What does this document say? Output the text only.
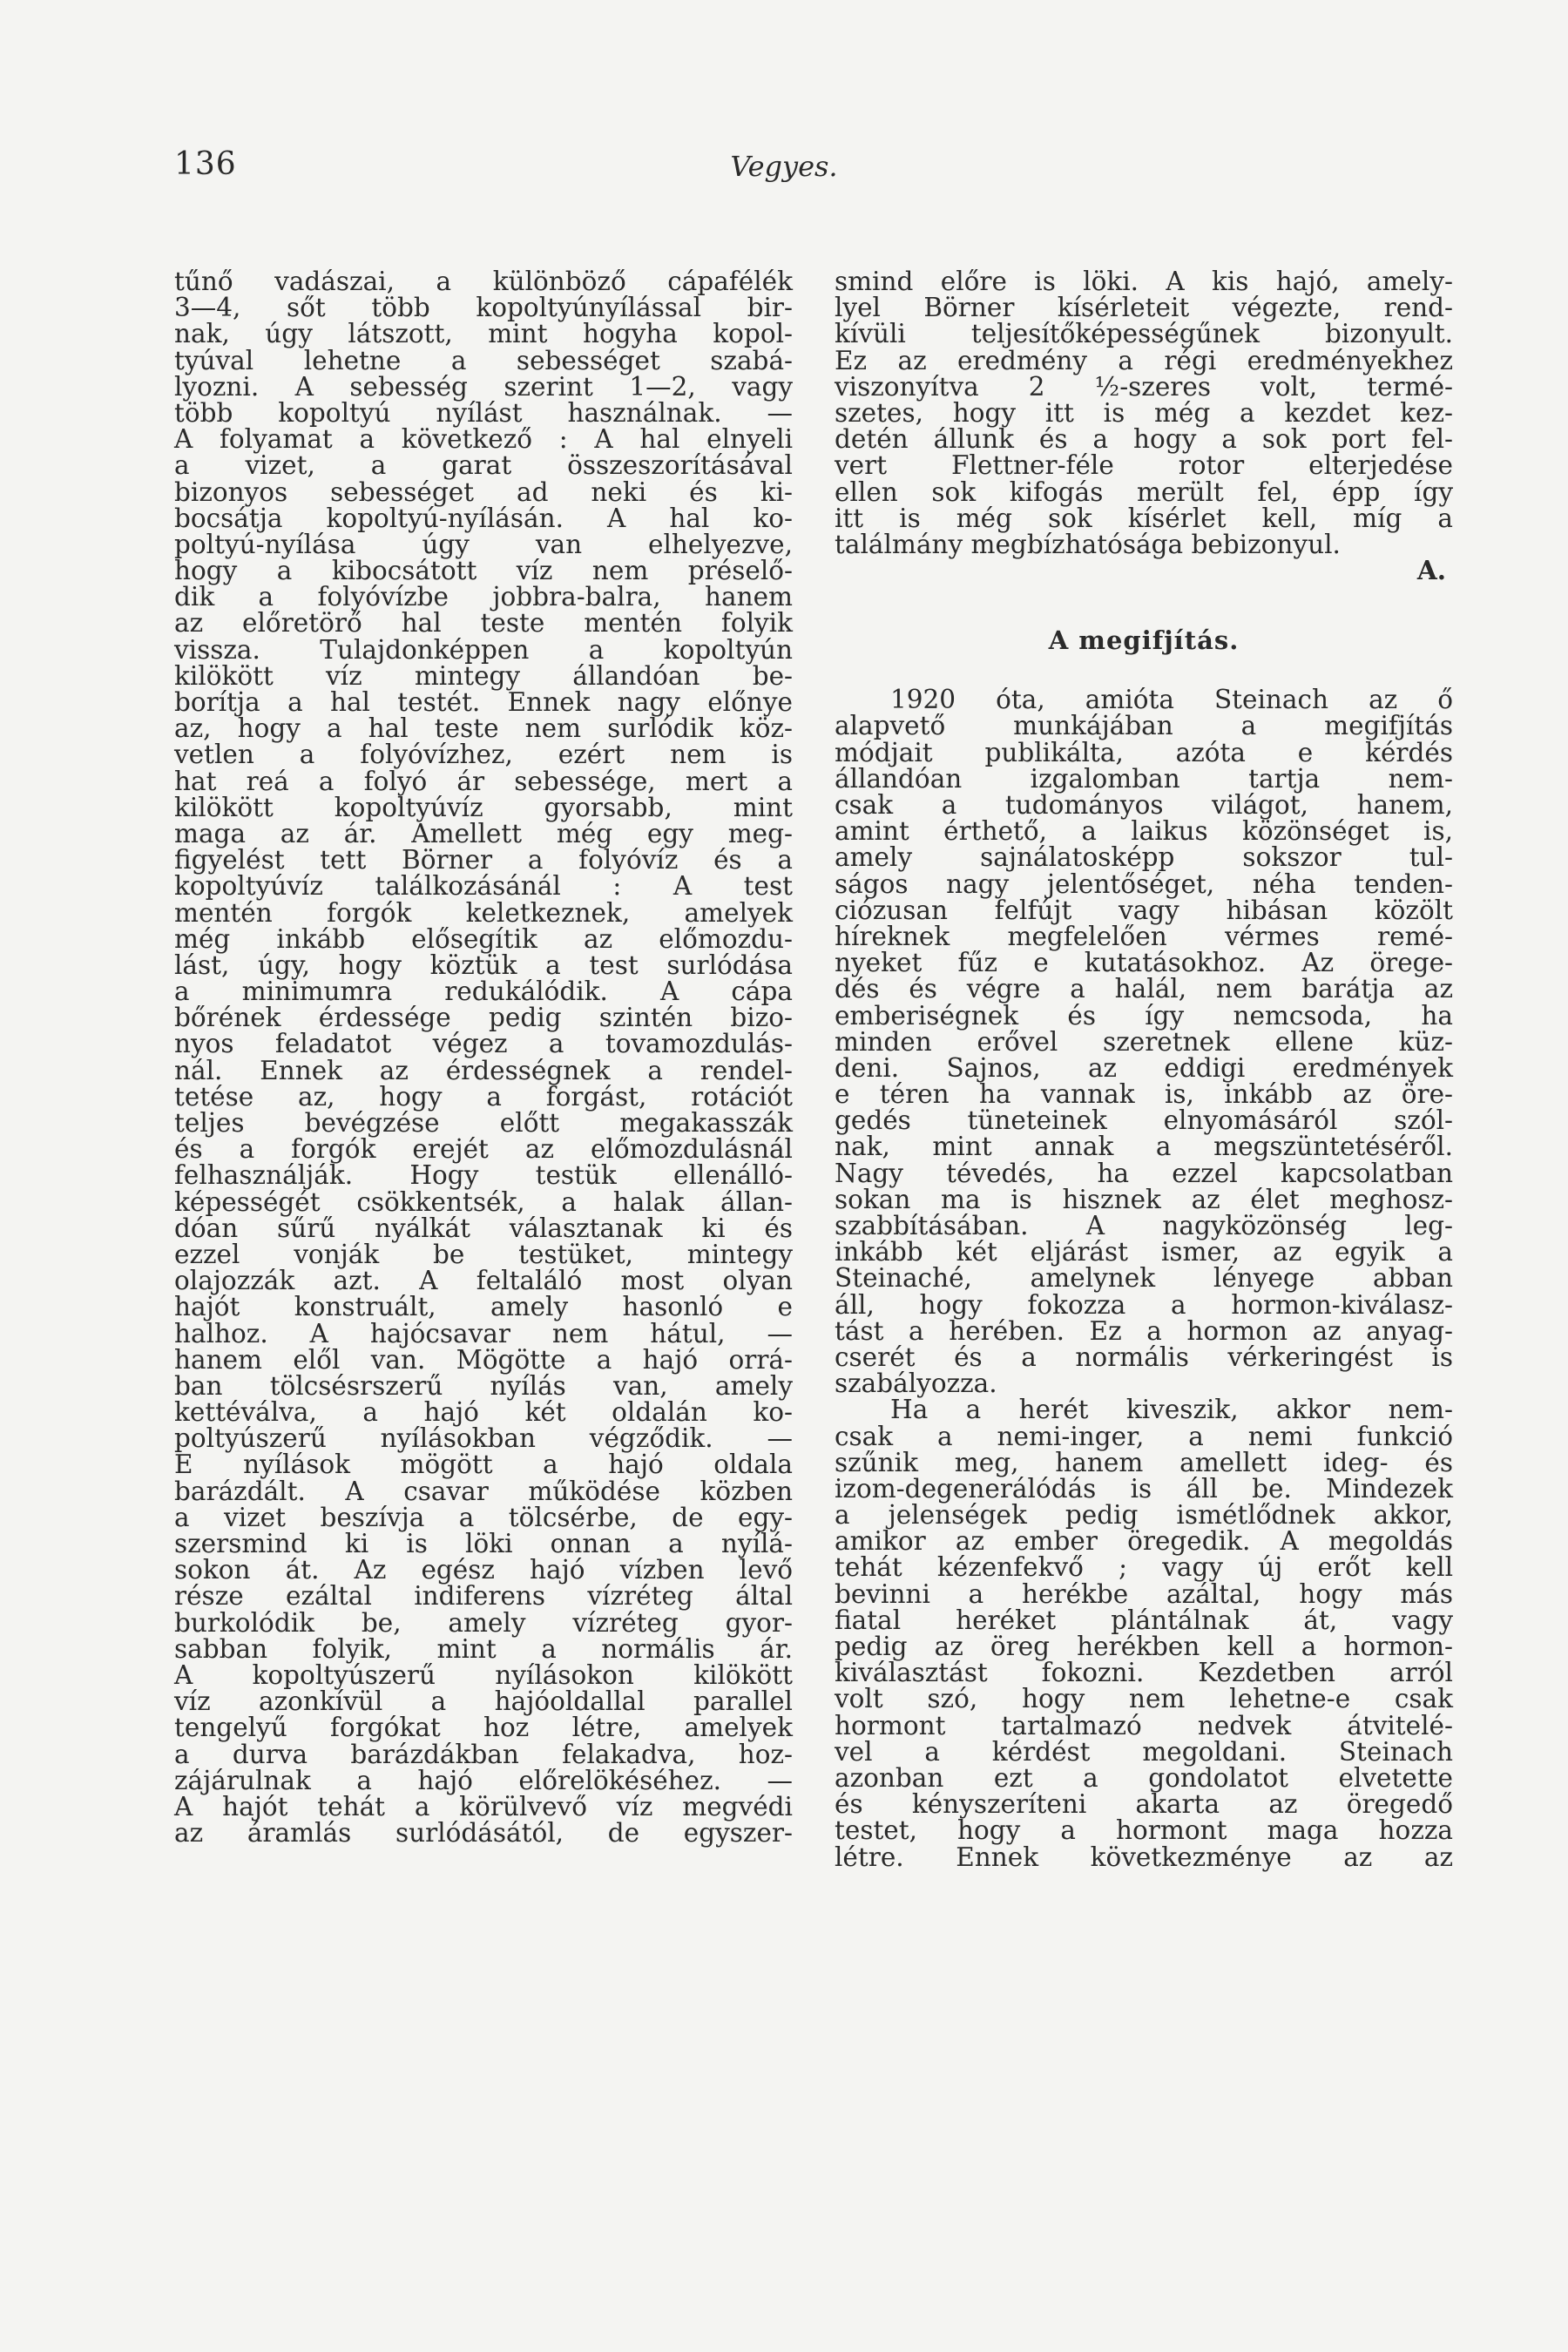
136	Vegyes.
tűnő vadászai, a különböző cápafélék
3—4, sőt több kopoltyúnyílással bir-
nak, úgy látszott, mint hogyha kopol-
tyúval lehetne a sebességet szabá-
lyozni. A sebesség szerint 1—2, vagy
több kopoltyú nyílást használnak. —
A folyamat a következő : A hal elnyeli
a vizet, a garat összeszorításával
bizonyos sebességet ad neki és ki-
bocsátja kopoltyú-nyílásán. A hal ko-
poltyú-nyílása úgy van elhelyezve,
hogy a kibocsátott víz nem préselő-
dik a folyóvízbe jobbra-balra, hanem
az előretörő hal teste mentén folyik
vissza. Tulajdonképpen a kopoltyún
kilökött víz mintegy állandóan be-
borítja a hal testét. Ennek nagy előnye
az, hogy a hal teste nem surlódik köz-
vetlen a folyóvízhez, ezért nem is
hat reá a folyó ár sebessége, mert a
kilökött kopoltyúvíz gyorsabb, mint
maga az ár. Amellett még egy meg-
figyelést tett Börner a folyóvíz és a
kopoltyúvíz találkozásánál : A test
mentén forgók keletkeznek, amelyek
még inkább elősegítik az előmozdu-
lást, úgy, hogy köztük a test surlódása
a minimumra redukálódik. A cápa
bőrének érdessége pedig szintén bizo-
nyos feladatot végez a tovamozdulás-
nál. Ennek az érdességnek a rendel-
tetése az, hogy a forgást, rotációt
teljes bevégzése előtt megakasszák
és a forgók erejét az előmozdulásnál
felhasználják. Hogy testük ellenálló-
képességét csökkentsék, a halak állan-
dóan sűrű nyálkát választanak ki és
ezzel vonják be testüket, mintegy
olajozzák azt. A feltaláló most olyan
hajót konstruált, amely hasonló e
halhoz. A hajócsavar nem hátul, —
hanem elől van. Mögötte a hajó orrá-
ban tölcsésrszerű nyílás van, amely
kettéválva, a hajó két oldalán ko-
poltyúszerű nyílásokban végződik. —
E nyílások mögött a hajó oldala
barázdált. A csavar működése közben
a vizet beszívja a tölcsérbe, de egy-
szersmind ki is löki onnan a nyílá-
sokon át. Az egész hajó vízben levő
része ezáltal indiferens vízréteg által
burkolódik be, amely vízréteg gyor-
sabban folyik, mint a normális ár.
A kopoltyúszerű nyílásokon kilökött
víz azonkívül a hajóoldallal parallel
tengelyű forgókat hoz létre, amelyek
a durva barázdákban felakadva, hoz-
zájárulnak a hajó előrelökéséhez. —
A hajót tehát a körülvevő víz megvédi
az áramlás surlódásától, de egyszer-
smind előre is löki. A kis hajó, amely-
lyel Börner kísérleteit végezte, rend-
kívüli teljesítőképességűnek bizonyult.
Ez az eredmény a régi eredményekhez
viszonyítva 2 ½-szeres volt, termé-
szetes, hogy itt is még a kezdet kez-
detén állunk és a hogy a sok port fel-
vert Flettner-féle rotor elterjedése
ellen sok kifogás merült fel, épp így
itt is még sok kísérlet kell, míg a
találmány megbízhatósága bebizonyul.
A.
A megifjítás.
1920 óta, amióta Steinach az ő
alapvető munkájában a megifjítás
módjait publikálta, azóta e kérdés
állandóan izgalomban tartja nem-
csak a tudományos világot, hanem,
amint érthető, a laikus közönséget is,
amely sajnálatosképp sokszor tul-
ságos nagy jelentőséget, néha tenden-
ciózusan felfújt vagy hibásan közölt
híreknek megfelelően vérmes remé-
nyeket fűz e kutatásokhoz. Az örege-
dés és végre a halál, nem barátja az
emberiségnek és így nemcsoda, ha
minden erővel szeretnek ellene küz-
deni. Sajnos, az eddigi eredmények
e téren ha vannak is, inkább az öre-
gedés tüneteinek elnyomásáról szól-
nak, mint annak a megszüntetéséről.
Nagy tévedés, ha ezzel kapcsolatban
sokan ma is hisznek az élet meghosz-
szabbításában. A nagyközönség leg-
inkább két eljárást ismer, az egyik a
Steinaché, amelynek lényege abban
áll, hogy fokozza a hormon-kiválasz-
tást a herében. Ez a hormon az anyag-
cserét és a normális vérkeringést is
szabályozza.
Ha a herét kiveszik, akkor nem-
csak a nemi-inger, a nemi funkció
szűnik meg, hanem amellett ideg- és
izom-degenerálódás is áll be. Mindezek
a jelenségek pedig ismétlődnek akkor,
amikor az ember öregedik. A megoldás
tehát kézenfekvő ; vagy új erőt kell
bevinni a herékbe azáltal, hogy más
fiatal heréket plántálnak át, vagy
pedig az öreg herékben kell a hormon-
kiválasztást fokozni. Kezdetben arról
volt szó, hogy nem lehetne-e csak
hormont tartalmazó nedvek átvitelé-
vel a kérdést megoldani. Steinach
azonban ezt a gondolatot elvetette
és kényszeríteni akarta az öregedő
testet, hogy a hormont maga hozza
létre. Ennek következménye az az
